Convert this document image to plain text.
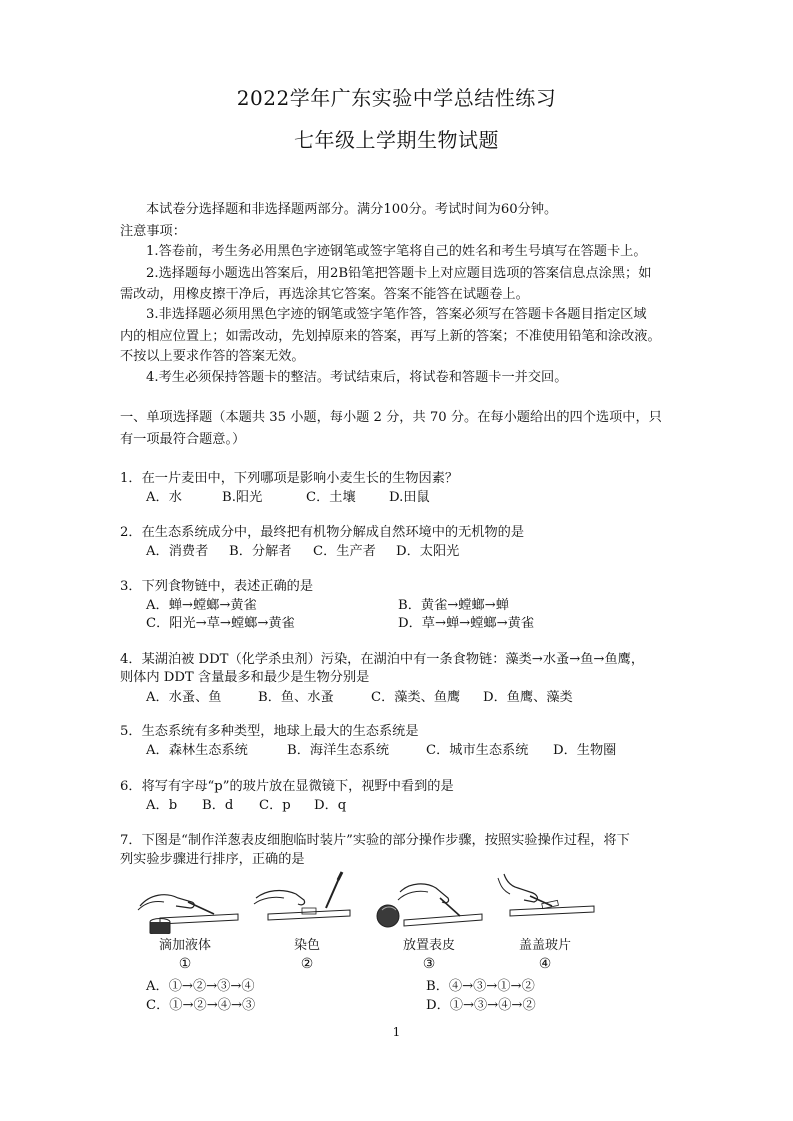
2022学年广东实验中学总结性练习
七年级上学期生物试题
本试卷分选择题和非选择题两部分。满分100分。考试时间为60分钟。
注意事项：
1.答卷前，考生务必用黑色字迹钢笔或签字笔将自己的姓名和考生号填写在答题卡上。
2.选择题每小题选出答案后，用2B铅笔把答题卡上对应题目选项的答案信息点涂黑；如
需改动，用橡皮擦干净后，再选涂其它答案。答案不能答在试题卷上。
3.非选择题必须用黑色字迹的钢笔或签字笔作答，答案必须写在答题卡各题目指定区域
内的相应位置上；如需改动，先划掉原来的答案，再写上新的答案；不准使用铅笔和涂改液。
不按以上要求作答的答案无效。
4.考生必须保持答题卡的整洁。考试结束后，将试卷和答题卡一并交回。
一、单项选择题（本题共 35 小题，每小题 2 分，共 70 分。在每小题给出的四个选项中，只
有一项最符合题意。）
1．在一片麦田中，下列哪项是影响小麦生长的生物因素？
A．水	B.阳光	C．土壤	D.田鼠
2．在生态系统成分中，最终把有机物分解成自然环境中的无机物的是
A．消费者 B．分解者 C．生产者 D．太阳光
3．下列食物链中，表述正确的是
A．蝉→螳螂→黄雀	B．黄雀→螳螂→蝉
C．阳光→草→螳螂→黄雀	D．草→蝉→螳螂→黄雀
4．某湖泊被 DDT（化学杀虫剂）污染，在湖泊中有一条食物链：藻类→水蚤→鱼→鱼鹰，
则体内 DDT 含量最多和最少是生物分别是
A．水蚤、鱼	B．鱼、水蚤	C．藻类、鱼鹰 D．鱼鹰、藻类
5．生态系统有多种类型，地球上最大的生态系统是
A．森林生态系统	B．海洋生态系统	C．城市生态系统 D．生物圈
6．将写有字母“p”的玻片放在显微镜下，视野中看到的是
A．b B．d C．p D．q
7．下图是“制作洋葱表皮细胞临时装片”实验的部分操作步骤，按照实验操作过程，将下
列实验步骤进行排序，正确的是
滴加液体
①
染色
②
放置表皮
③
盖盖玻片
④
A．①→②→③→④	B．④→③→①→②
C．①→②→④→③	D．①→③→④→②
1
